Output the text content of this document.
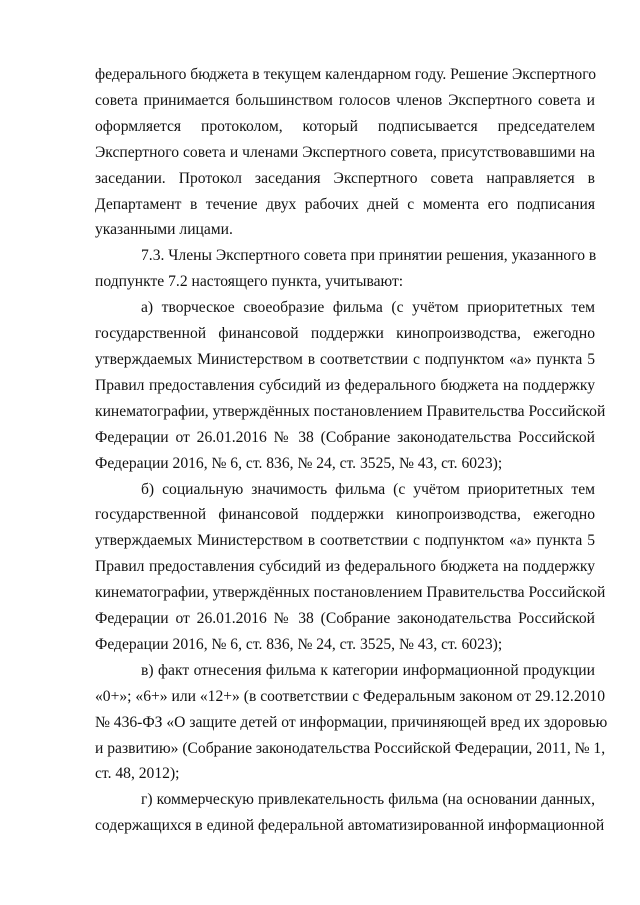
федерального бюджета в текущем календарном году. Решение Экспертного
совета принимается большинством голосов членов Экспертного совета и
оформляется протоколом, который подписывается председателем
Экспертного совета и членами Экспертного совета, присутствовавшими на
заседании. Протокол заседания Экспертного совета направляется в
Департамент в течение двух рабочих дней с момента его подписания
указанными лицами.
7.3. Члены Экспертного совета при принятии решения, указанного в
подпункте 7.2 настоящего пункта, учитывают:
а) творческое своеобразие фильма (с учётом приоритетных тем
государственной финансовой поддержки кинопроизводства, ежегодно
утверждаемых Министерством в соответствии с подпунктом «а» пункта 5
Правил предоставления субсидий из федерального бюджета на поддержку
кинематографии, утверждённых постановлением Правительства Российской
Федерации от 26.01.2016 № 38 (Собрание законодательства Российской
Федерации 2016, № 6, ст. 836, № 24, ст. 3525, № 43, ст. 6023);
б) социальную значимость фильма (с учётом приоритетных тем
государственной финансовой поддержки кинопроизводства, ежегодно
утверждаемых Министерством в соответствии с подпунктом «а» пункта 5
Правил предоставления субсидий из федерального бюджета на поддержку
кинематографии, утверждённых постановлением Правительства Российской
Федерации от 26.01.2016 № 38 (Собрание законодательства Российской
Федерации 2016, № 6, ст. 836, № 24, ст. 3525, № 43, ст. 6023);
в) факт отнесения фильма к категории информационной продукции
«0+»; «6+» или «12+» (в соответствии с Федеральным законом от 29.12.2010
№ 436-ФЗ «О защите детей от информации, причиняющей вред их здоровью
и развитию» (Собрание законодательства Российской Федерации, 2011, № 1,
ст. 48, 2012);
г) коммерческую привлекательность фильма (на основании данных,
содержащихся в единой федеральной автоматизированной информационной
